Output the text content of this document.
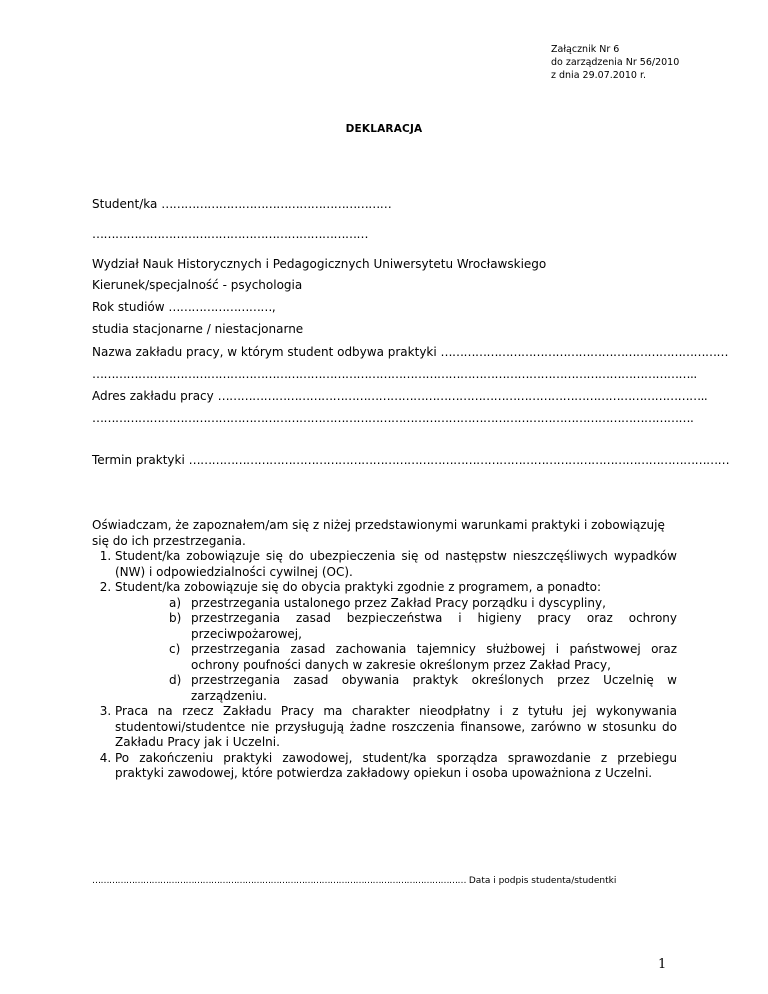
Załącznik Nr 6
do zarządzenia Nr 56/2010
z dnia 29.07.2010 r.
DEKLARACJA
Student/ka ……………………………………………………
………………………………………………………………
Wydział Nauk Historycznych i Pedagogicznych Uniwersytetu Wrocławskiego
Kierunek/specjalność - psychologia
Rok studiów ………………………,
studia stacjonarne / niestacjonarne
Nazwa zakładu pracy, w którym student odbywa praktyki …………………………………………………………………
…………………………………………………………………………………………………………………………………………..
Adres zakładu pracy ………………………………………………………………………………………………………………..
………………………………………………………………………………………………………………………………………….
Termin praktyki ……………………………………………………………………………………………………………………………

Oświadczam, że zapoznałem/am się z niżej przedstawionymi warunkami praktyki i zobowiązuję się do ich przestrzegania.

1. Student/ka zobowiązuje się do ubezpieczenia się od następstw nieszczęśliwych wypadków (NW) i odpowiedzialności cywilnej (OC).
2. Student/ka zobowiązuje się do obycia praktyki zgodnie z programem, a ponadto:
a) przestrzegania ustalonego przez Zakład Pracy porządku i dyscypliny,
b) przestrzegania zasad bezpieczeństwa i higieny pracy oraz ochrony przeciwpożarowej,
c) przestrzegania zasad zachowania tajemnicy służbowej i państwowej oraz ochrony poufności danych w zakresie określonym przez Zakład Pracy,
d) przestrzegania zasad obywania praktyk określonych przez Uczelnię w zarządzeniu.
3. Praca na rzecz Zakładu Pracy ma charakter nieodpłatny i z tytułu jej wykonywania studentowi/studentce nie przysługują żadne roszczenia finansowe, zarówno w stosunku do Zakładu Pracy jak i Uczelni.
4. Po zakończeniu praktyki zawodowej, student/ka sporządza sprawozdanie z przebiegu praktyki zawodowej, które potwierdza zakładowy opiekun i osoba upoważniona z Uczelni.
…………………………………………………………………………………………………………………… Data i podpis studenta/studentki
1
